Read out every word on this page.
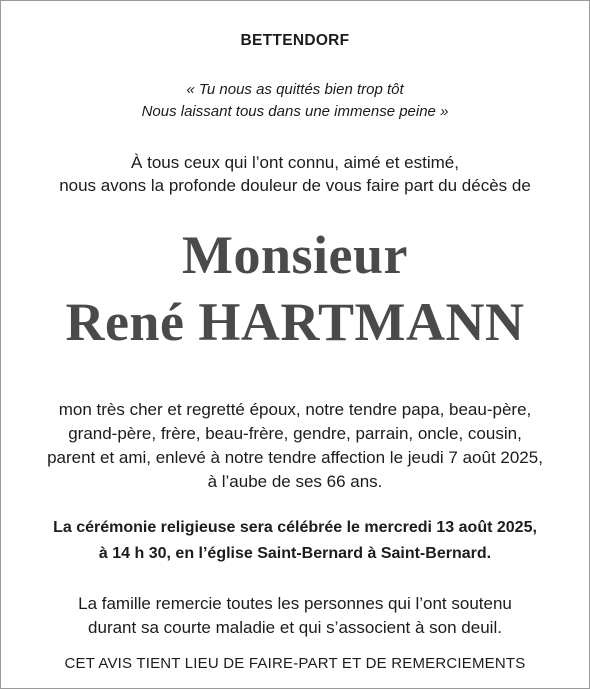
BETTENDORF
« Tu nous as quittés bien trop tôt
Nous laissant tous dans une immense peine »
À tous ceux qui l’ont connu, aimé et estimé,
nous avons la profonde douleur de vous faire part du décès de
Monsieur
René HARTMANN
mon très cher et regretté époux, notre tendre papa, beau-père,
grand-père, frère, beau-frère, gendre, parrain, oncle, cousin,
parent et ami, enlevé à notre tendre affection le jeudi 7 août 2025,
à l’aube de ses 66 ans.
La cérémonie religieuse sera célébrée le mercredi 13 août 2025,
à 14 h 30, en l’église Saint-Bernard à Saint-Bernard.
La famille remercie toutes les personnes qui l’ont soutenu
durant sa courte maladie et qui s’associent à son deuil.
CET AVIS TIENT LIEU DE FAIRE-PART ET DE REMERCIEMENTS
